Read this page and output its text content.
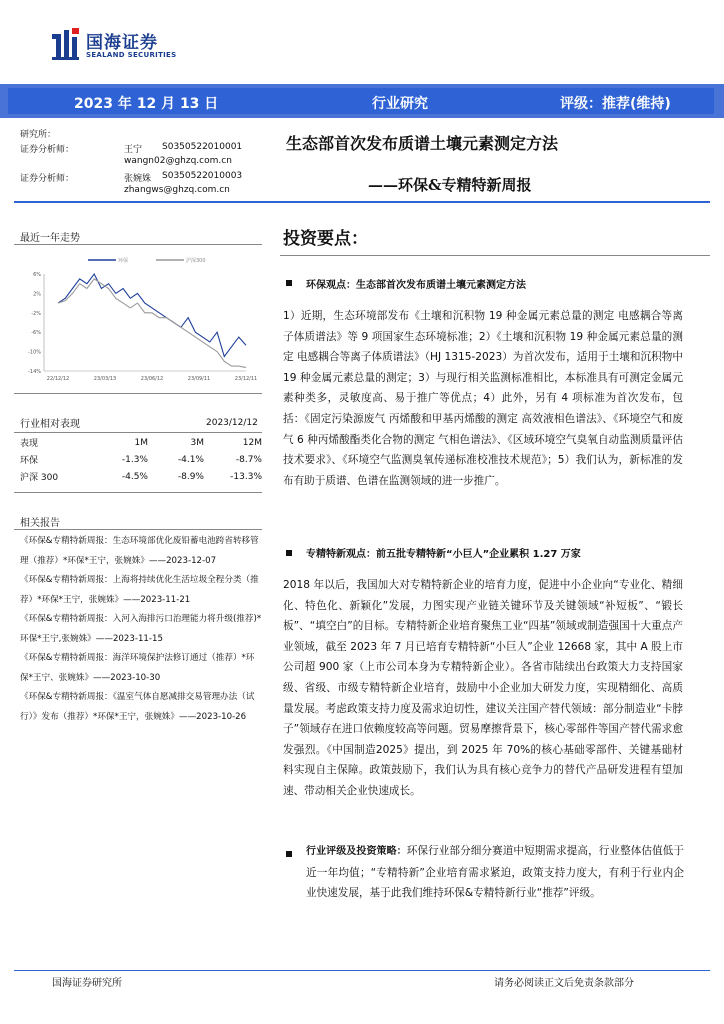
国海证券
SEALAND SECURITIES
2023 年 12 月 13 日	行业研究	评级：推荐(维持)
研究所：
证券分析师：	王宁 S0350522010001
wangn02@ghzq.com.cn
证券分析师：	张婉姝 S0350522010003
zhangws@ghzq.com.cn
生态部首次发布质谱土壤元素测定方法
——环保&专精特新周报
最近一年走势
环保	沪深300
6%
2%
-2%
-6%
-10%
-14%
22/12/12	23/03/13	23/06/12	23/09/11	23/12/11
行业相对表现	2023/12/12
表现	1M	3M	12M
环保	-1.3%	-4.1%	-8.7%
沪深 300	-4.5%	-8.9%	-13.3%
相关报告
《环保&专精特新周报：生态环境部优化废铅蓄电池跨省转移管理（推荐）*环保*王宁，张婉姝》——2023-12-07
《环保&专精特新周报：上海将持续优化生活垃圾全程分类（推荐）*环保*王宁，张婉姝》——2023-11-21
《环保&专精特新周报：入河入海排污口治理能力将升级(推荐)*环保*王宁,张婉姝》——2023-11-15
《环保&专精特新周报：海洋环境保护法修订通过（推荐）*环保*王宁、张婉姝》——2023-10-30
《环保&专精特新周报：《温室气体自愿减排交易管理办法（试行）》发布（推荐）*环保*王宁，张婉姝》——2023-10-26
投资要点：
环保观点：生态部首次发布质谱土壤元素测定方法
1）近期，生态环境部发布《土壤和沉积物 19 种金属元素总量的测定 电感耦合等离子体质谱法》等 9 项国家生态环境标准；2）《土壤和沉积物 19 种金属元素总量的测定 电感耦合等离子体质谱法》（HJ 1315-2023）为首次发布，适用于土壤和沉积物中 19 种金属元素总量的测定；3）与现行相关监测标准相比，本标准具有可测定金属元素种类多，灵敏度高、易于推广等优点；4）此外，另有 4 项标准为首次发布，包括：《固定污染源废气 丙烯酸和甲基丙烯酸的测定 高效液相色谱法》、《环境空气和废气 6 种丙烯酸酯类化合物的测定 气相色谱法》、《区域环境空气臭氧自动监测质量评估技术要求》、《环境空气监测臭氧传递标准校准技术规范》；5）我们认为，新标准的发布有助于质谱、色谱在监测领域的进一步推广。
专精特新观点：前五批专精特新“小巨人”企业累积 1.27 万家
2018 年以后，我国加大对专精特新企业的培育力度，促进中小企业向“专业化、精细化、特色化、新颖化”发展，力图实现产业链关键环节及关键领域“补短板”、“锻长板”、“填空白”的目标。专精特新企业培育聚焦工业“四基”领域或制造强国十大重点产业领域，截至 2023 年 7 月已培育专精特新“小巨人”企业 12668 家，其中 A 股上市公司超 900 家（上市公司本身为专精特新企业）。各省市陆续出台政策大力支持国家级、省级、市级专精特新企业培育，鼓励中小企业加大研发力度，实现精细化、高质量发展。考虑政策支持力度及需求迫切性，建议关注国产替代领域：部分制造业“卡脖子”领域存在进口依赖度较高等问题。贸易摩擦背景下，核心零部件等国产替代需求愈发强烈。《中国制造2025》提出，到 2025 年 70%的核心基础零部件、关键基础材料实现自主保障。政策鼓励下，我们认为具有核心竞争力的替代产品研发进程有望加速、带动相关企业快速成长。
行业评级及投资策略：环保行业部分细分赛道中短期需求提高，行业整体估值低于近一年均值；“专精特新”企业培育需求紧迫，政策支持力度大，有利于行业内企业快速发展，基于此我们维持环保&专精特新行业“推荐”评级。
国海证券研究所	请务必阅读正文后免责条款部分
